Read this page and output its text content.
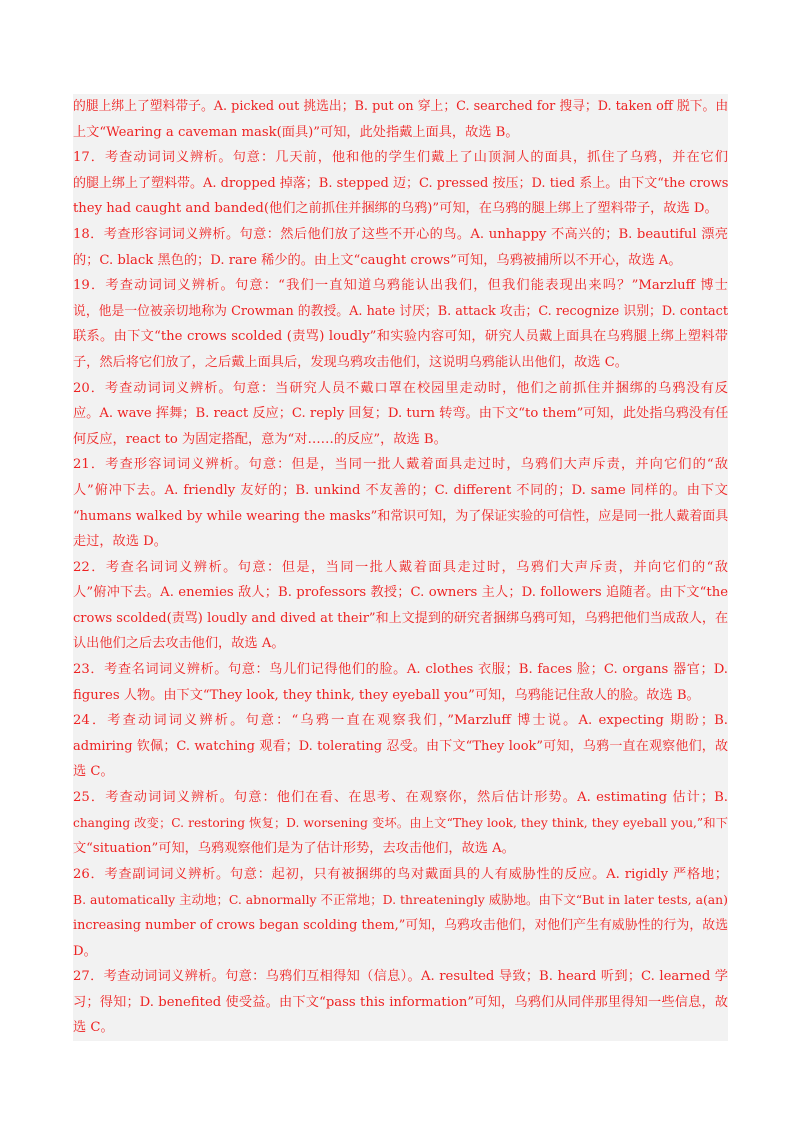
的腿上绑上了塑料带子。A. picked out 挑选出；B. put on 穿上；C. searched for 搜寻；D. taken off 脱下。由
上文“Wearing a caveman mask(面具)”可知，此处指戴上面具，故选 B。
17．考查动词词义辨析。句意：几天前，他和他的学生们戴上了山顶洞人的面具，抓住了乌鸦，并在它们
的腿上绑上了塑料带。A. dropped 掉落；B. stepped 迈；C. pressed 按压；D. tied 系上。由下文“the crows
they had caught and banded(他们之前抓住并捆绑的乌鸦)”可知，在乌鸦的腿上绑上了塑料带子，故选 D。
18．考查形容词词义辨析。句意：然后他们放了这些不开心的鸟。A. unhappy 不高兴的；B. beautiful 漂亮
的；C. black 黑色的；D. rare 稀少的。由上文“caught crows”可知，乌鸦被捕所以不开心，故选 A。
19．考查动词词义辨析。句意：“我们一直知道乌鸦能认出我们，但我们能表现出来吗？”Marzluff 博士
说，他是一位被亲切地称为 Crowman 的教授。A. hate 讨厌；B. attack 攻击；C. recognize 识别；D. contact
联系。由下文“the crows scolded (责骂) loudly”和实验内容可知，研究人员戴上面具在乌鸦腿上绑上塑料带
子，然后将它们放了，之后戴上面具后，发现乌鸦攻击他们，这说明乌鸦能认出他们，故选 C。
20．考查动词词义辨析。句意：当研究人员不戴口罩在校园里走动时，他们之前抓住并捆绑的乌鸦没有反
应。A. wave 挥舞；B. react 反应；C. reply 回复；D. turn 转弯。由下文“to them”可知，此处指乌鸦没有任
何反应，react to 为固定搭配，意为“对……的反应”，故选 B。
21．考查形容词词义辨析。句意：但是，当同一批人戴着面具走过时，乌鸦们大声斥责，并向它们的“敌
人”俯冲下去。A. friendly 友好的；B. unkind 不友善的；C. different 不同的；D. same 同样的。由下文
“humans walked by while wearing the masks”和常识可知，为了保证实验的可信性，应是同一批人戴着面具
走过，故选 D。
22．考查名词词义辨析。句意：但是，当同一批人戴着面具走过时，乌鸦们大声斥责，并向它们的“敌
人”俯冲下去。A. enemies 敌人；B. professors 教授；C. owners 主人；D. followers 追随者。由下文“the
crows scolded(责骂) loudly and dived at their”和上文提到的研究者捆绑乌鸦可知，乌鸦把他们当成敌人，在
认出他们之后去攻击他们，故选 A。
23．考查名词词义辨析。句意：鸟儿们记得他们的脸。A. clothes 衣服；B. faces 脸；C. organs 器官；D.
figures 人物。由下文“They look, they think, they eyeball you”可知，乌鸦能记住敌人的脸。故选 B。
24．考查动词词义辨析。句意：“乌鸦一直在观察我们，”Marzluff 博士说。A. expecting 期盼；B.
admiring 钦佩；C. watching 观看；D. tolerating 忍受。由下文“They look”可知，乌鸦一直在观察他们，故
选 C。
25．考查动词词义辨析。句意：他们在看、在思考、在观察你，然后估计形势。A. estimating 估计；B.
changing 改变；C. restoring 恢复；D. worsening 变坏。由上文“They look, they think, they eyeball you,”和下
文“situation”可知，乌鸦观察他们是为了估计形势，去攻击他们，故选 A。
26．考查副词词义辨析。句意：起初，只有被捆绑的鸟对戴面具的人有威胁性的反应。A. rigidly 严格地；
B. automatically 主动地；C. abnormally 不正常地；D. threateningly 威胁地。由下文“But in later tests, a(an)
increasing number of crows began scolding them,”可知，乌鸦攻击他们，对他们产生有威胁性的行为，故选
D。
27．考查动词词义辨析。句意：乌鸦们互相得知（信息）。A. resulted 导致；B. heard 听到；C. learned 学
习；得知；D. benefited 使受益。由下文“pass this information”可知，乌鸦们从同伴那里得知一些信息，故
选 C。
